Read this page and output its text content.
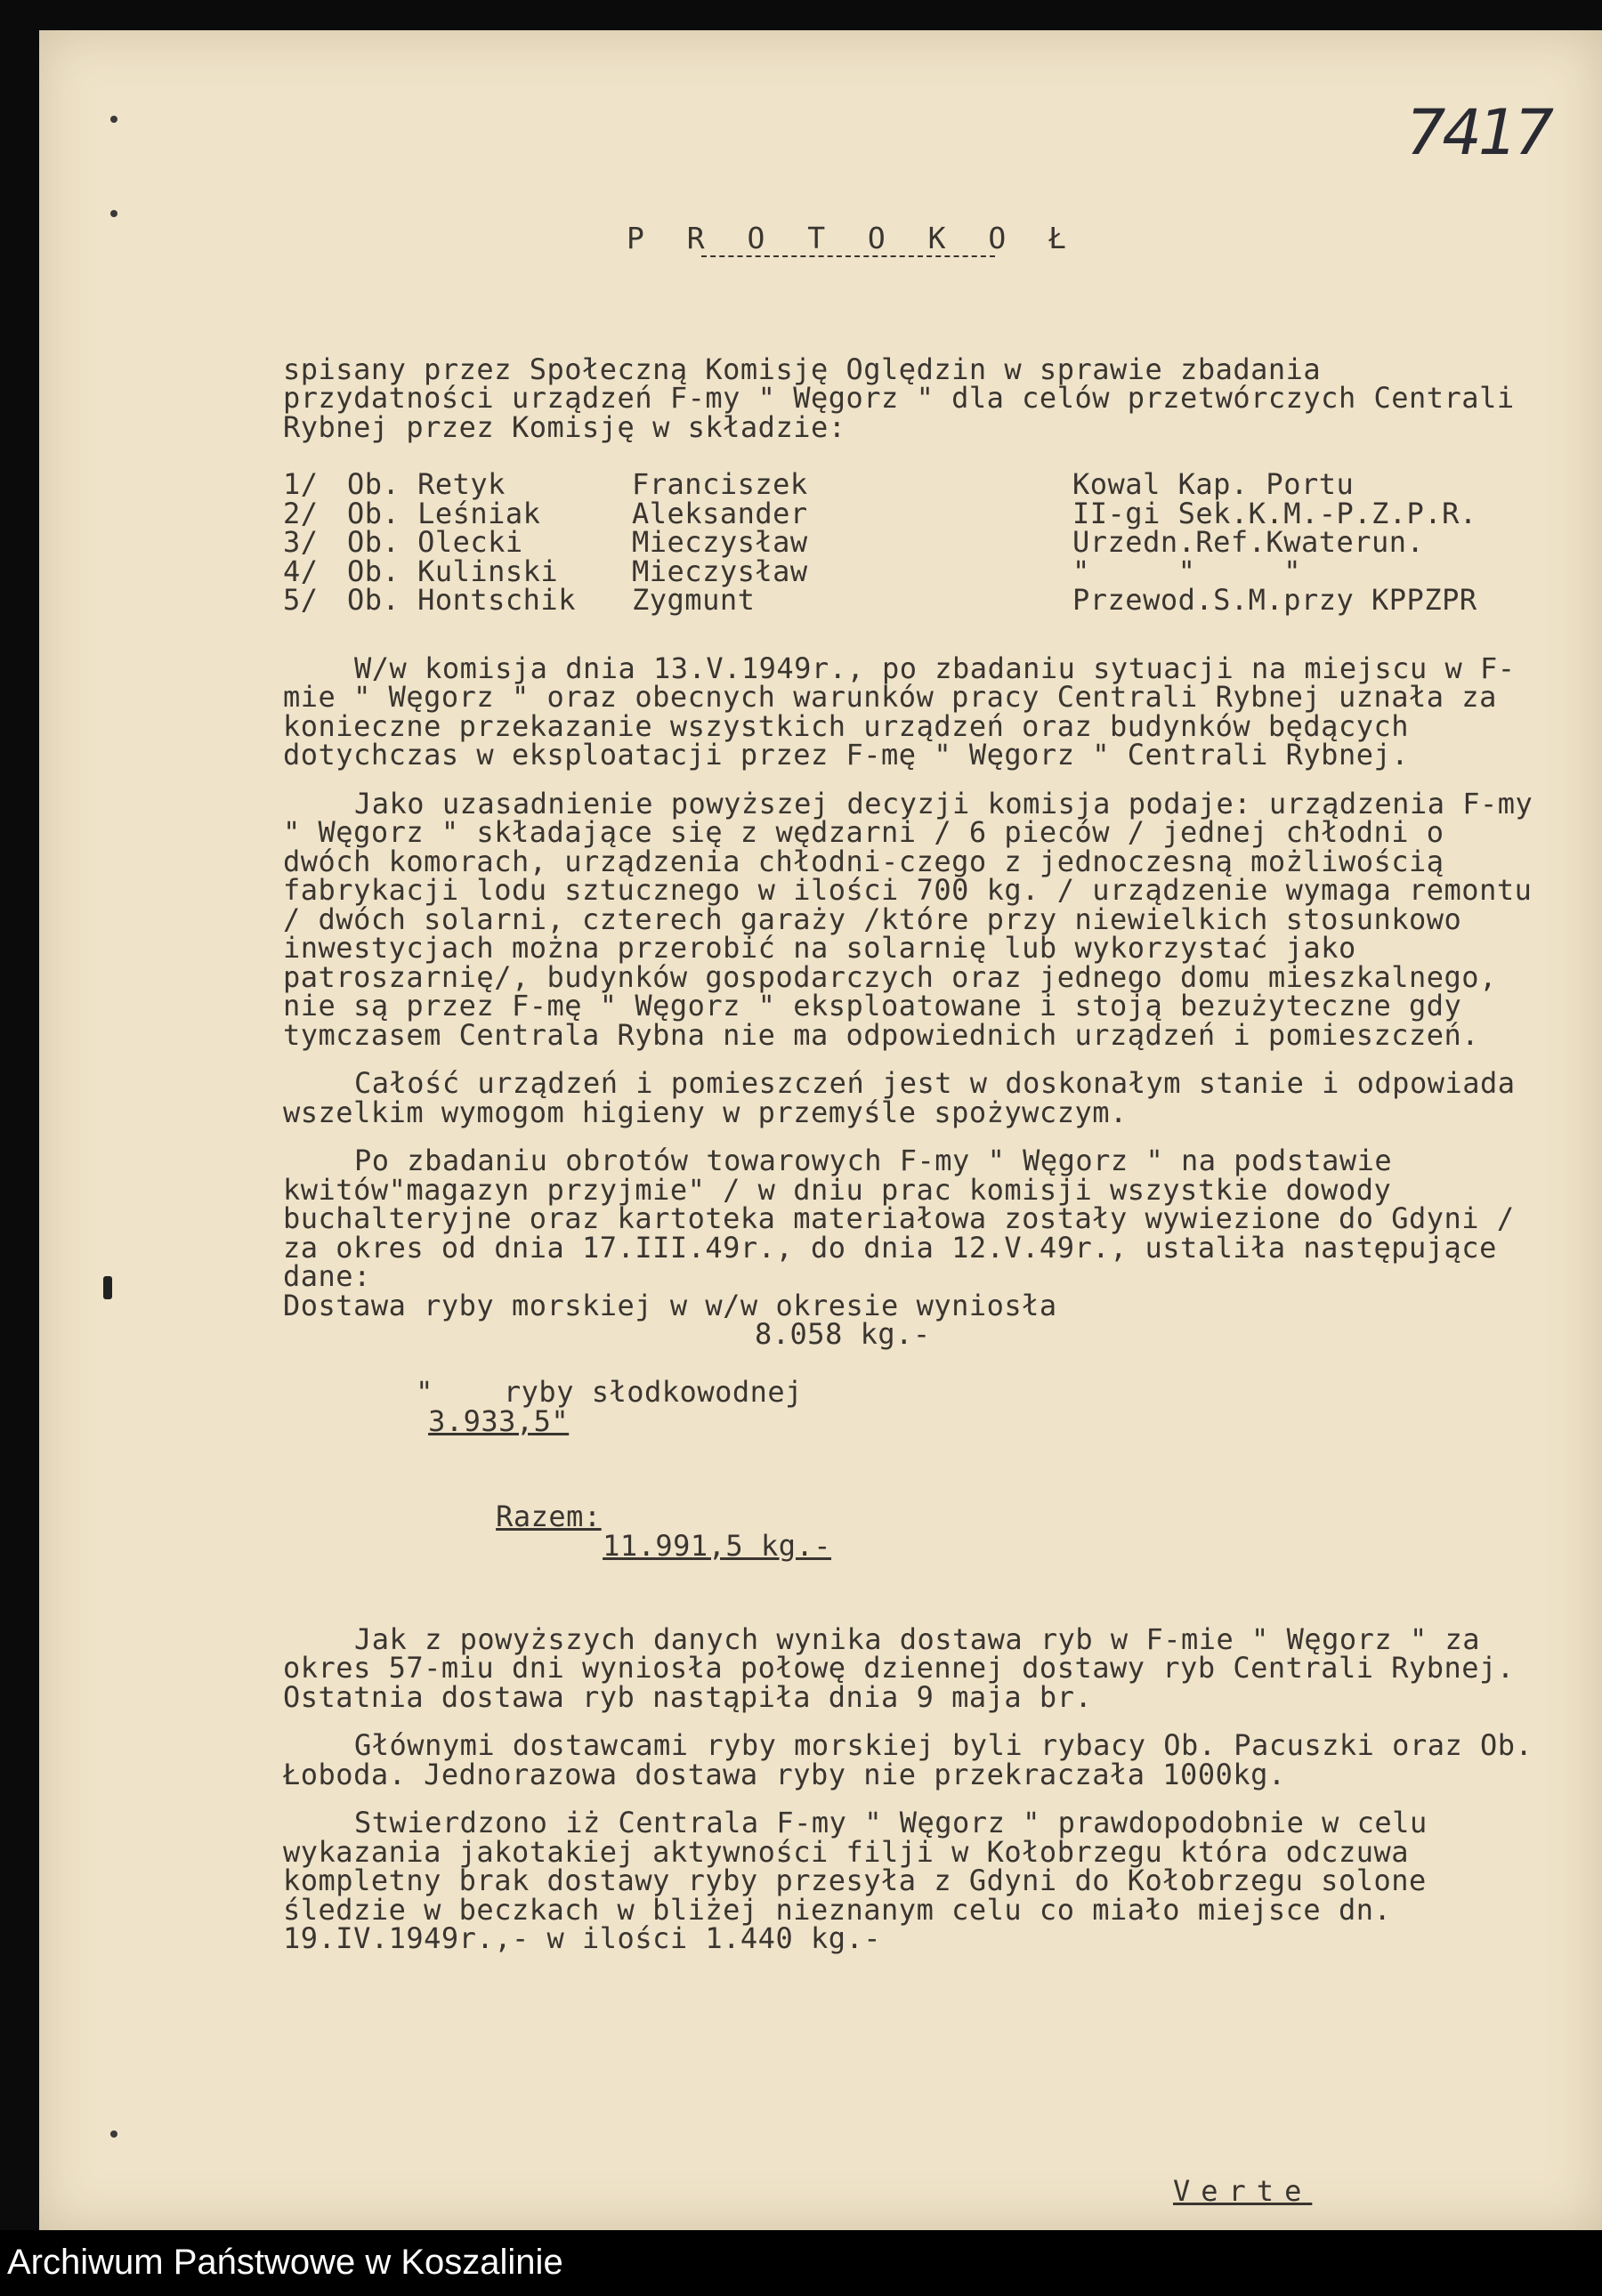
7417
P R O T O K O Ł

spisany przez Społeczną Komisję Oględzin w sprawie zbadania przydatności urządzeń F-my " Węgorz " dla celów przetwórczych Centrali Rybnej przez Komisję w składzie:

1/	Ob. Retyk	Franciszek	Kowal Kap. Portu
2/	Ob. Leśniak	Aleksander	II-gi Sek.K.M.-P.Z.P.R.
3/	Ob. Olecki	Mieczysław	Urzedn.Ref.Kwaterun.
4/	Ob. Kulinski	Mieczysław	"     "     "
5/	Ob. Hontschik	Zygmunt	Przewod.S.M.przy KPPZPR

W/w komisja dnia 13.V.1949r., po zbadaniu sytuacji na miejscu w F-mie " Węgorz " oraz obecnych warunków pracy Centrali Rybnej uznała za konieczne przekazanie wszystkich urządzeń oraz budynków będących dotychczas w eksploatacji przez F-mę " Węgorz " Centrali Rybnej.

Jako uzasadnienie powyższej decyzji komisja podaje: urządzenia F-my " Węgorz " składające się z wędzarni / 6 pieców / jednej chłodni o dwóch komorach, urządzenia chłodni-czego z jednoczesną możliwością fabrykacji lodu sztucznego w ilości 700 kg. / urządzenie wymaga remontu / dwóch solarni, czterech garaży /które przy niewielkich stosunkowo inwestycjach można przerobić na solarnię lub wykorzystać jako patroszarnię/, budynków gospodarczych oraz jednego domu mieszkalnego, nie są przez F-mę " Węgorz " eksploatowane i stoją bezużyteczne gdy tymczasem Centrala Rybna nie ma odpowiednich urządzeń i pomieszczeń.

Całość urządzeń i pomieszczeń jest w doskonałym stanie i odpowiada wszelkim wymogom higieny w przemyśle spożywczym.

Po zbadaniu obrotów towarowych F-my " Węgorz " na podstawie kwitów"magazyn przyjmie" / w dniu prac komisji wszystkie dowody buchalteryjne oraz kartoteka materiałowa zostały wywiezione do Gdyni / za okres od dnia 17.III.49r., do dnia 12.V.49r., ustaliła następujące dane:

Dostawa ryby morskiej w w/w okresie wyniosła
8.058 kg.-

"    ryby słodkowodnej
3.933,5"

Razem:
11.991,5 kg.-

Jak z powyższych danych wynika dostawa ryb w F-mie " Węgorz " za okres 57-miu dni wyniosła połowę dziennej dostawy ryb Centrali Rybnej. Ostatnia dostawa ryb nastąpiła dnia 9 maja br.

Głównymi dostawcami ryby morskiej byli rybacy Ob. Pacuszki oraz Ob. Łoboda. Jednorazowa dostawa ryby nie przekraczała 1000kg.

Stwierdzono iż Centrala F-my " Węgorz " prawdopodobnie w celu wykazania jakotakiej aktywności filji w Kołobrzegu która odczuwa kompletny brak dostawy ryby przesyła z Gdyni do Kołobrzegu solone śledzie w beczkach w bliżej nieznanym celu co miało miejsce dn. 19.IV.1949r.,- w ilości 1.440 kg.-

Verte
Archiwum Państwowe w Koszalinie
